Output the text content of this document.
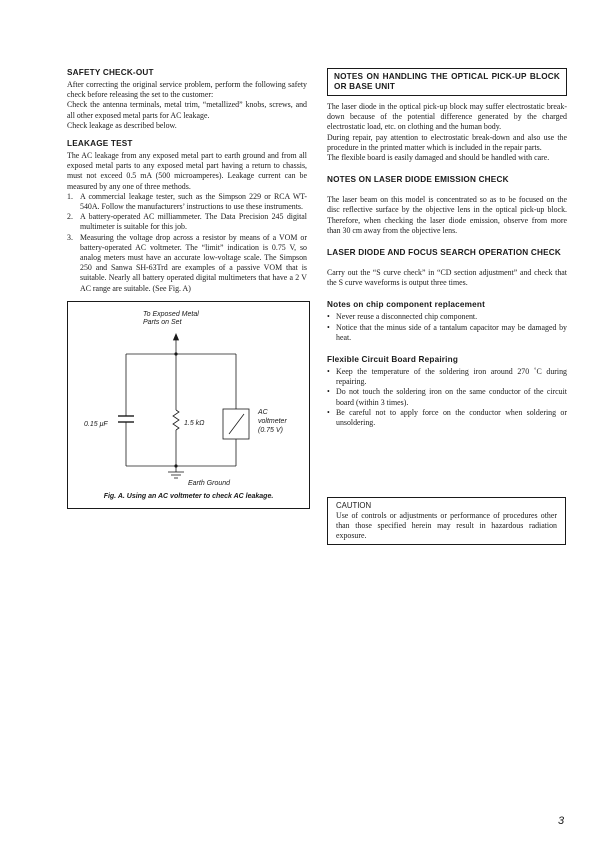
SAFETY CHECK-OUT

After correcting the original service problem, perform the following safety check before releasing the set to the customer:

Check the antenna terminals, metal trim, “metallized” knobs, screws, and all other exposed metal parts for AC leakage.

Check leakage as described below.

LEAKAGE TEST

The AC leakage from any exposed metal part to earth ground and from all exposed metal parts to any exposed metal part having a return to chassis, must not exceed 0.5 mA (500 microamperes). Leakage current can be measured by any one of three methods.

1. A commercial leakage tester, such as the Simpson 229 or RCA WT-540A. Follow the manufacturers’ instructions to use these instruments.
2. A battery-operated AC milliammeter. The Data Precision 245 digital multimeter is suitable for this job.
3. Measuring the voltage drop across a resistor by means of a VOM or battery-operated AC voltmeter. The “limit” indication is 0.75 V, so analog meters must have an accurate low-voltage scale. The Simpson 250 and Sanwa SH-63Trd are examples of a passive VOM that is suitable. Nearly all battery operated digital multimeters that have a 2 V AC range are suitable. (See Fig. A)
To Exposed Metal
Parts on Set
0.15 μF	1.5 kΩ
AC
voltmeter
(0.75 V)
Earth Ground
Fig. A. Using an AC voltmeter to check AC leakage.
NOTES ON HANDLING THE OPTICAL PICK-UP BLOCK OR BASE UNIT

The laser diode in the optical pick-up block may suffer electrostatic break-down because of the potential difference generated by the charged electrostatic load, etc. on clothing and the human body.

During repair, pay attention to electrostatic break-down and also use the procedure in the printed matter which is included in the repair parts.

The flexible board is easily damaged and should be handled with care.

NOTES ON LASER DIODE EMISSION CHECK

The laser beam on this model is concentrated so as to be focused on the disc reflective surface by the objective lens in the optical pick-up block. Therefore, when checking the laser diode emission, observe from more than 30 cm away from the objective lens.

LASER DIODE AND FOCUS SEARCH OPERATION CHECK

Carry out the “S curve check” in “CD section adjustment” and check that the S curve waveforms is output three times.

Notes on chip component replacement
• Never reuse a disconnected chip component.
• Notice that the minus side of a tantalum capacitor may be damaged by heat.
Flexible Circuit Board Repairing
• Keep the temperature of the soldering iron around 270 ˚C during repairing.
• Do not touch the soldering iron on the same conductor of the circuit board (within 3 times).
• Be careful not to apply force on the conductor when soldering or unsoldering.
CAUTION

Use of controls or adjustments or performance of procedures other than those specified herein may result in hazardous radiation exposure.

3
